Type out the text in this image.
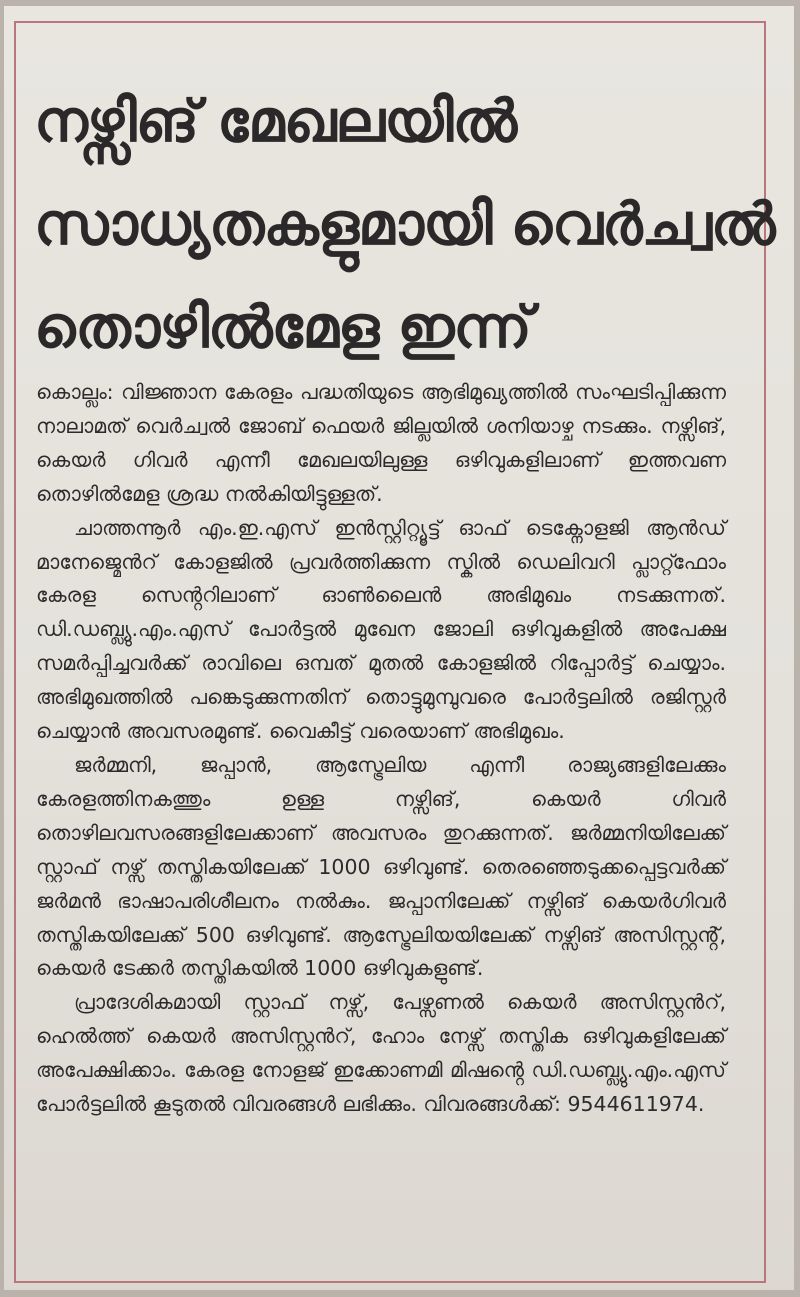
നഴ്സിങ് മേഖലയിൽ
സാധ്യതകളുമായി വെർച്വൽ
തൊഴിൽമേള ഇന്ന്

കൊല്ലം: വിജ്ഞാന കേരളം പദ്ധതിയുടെ ആഭിമുഖ്യത്തിൽ സംഘടിപ്പിക്കുന്ന നാലാമത് വെർച്വൽ ജോബ് ഫെയർ ജില്ലയിൽ ശനിയാഴ്ച നടക്കും. നഴ്സിങ്, കെയർ ഗിവർ എന്നീ മേഖലയിലുള്ള ഒഴിവുകളിലാണ് ഇത്തവണ തൊഴിൽമേള ശ്രദ്ധ നൽകിയിട്ടുള്ളത്.

ചാത്തന്നൂർ എം.ഇ.എസ് ഇൻസ്റ്റിറ്റ്യൂട്ട് ഓഫ് ടെക്നോളജി ആൻഡ് മാനേജ്മെൻറ് കോളജിൽ പ്രവർത്തിക്കുന്ന സ്കിൽ ഡെലിവറി പ്ലാറ്റ്ഫോം കേരള സെൻ്ററിലാണ് ഓൺലൈൻ അഭിമുഖം നടക്കുന്നത്. ഡി.ഡബ്ല്യു.എം.എസ് പോർട്ടൽ മുഖേന ജോലി ഒഴിവുകളിൽ അപേക്ഷ സമർപ്പിച്ചവർക്ക് രാവിലെ ഒമ്പത് മുതൽ കോളജിൽ റിപ്പോർട്ട് ചെയ്യാം. അഭിമുഖത്തിൽ പങ്കെടുക്കുന്നതിന് തൊട്ടുമുമ്പുവരെ പോർട്ടലിൽ രജിസ്റ്റർ ചെയ്യാൻ അവസരമുണ്ട്. വൈകീട്ട് വരെയാണ് അഭിമുഖം.

ജർമ്മനി, ജപ്പാൻ, ആസ്ട്രേലിയ എന്നീ രാജ്യങ്ങളിലേക്കും കേരളത്തിനകത്തും ഉള്ള നഴ്സിങ്, കെയർ ഗിവർ തൊഴിലവസരങ്ങളിലേക്കാണ് അവസരം തുറക്കുന്നത്. ജർമ്മനിയിലേക്ക് സ്റ്റാഫ് നഴ്സ് തസ്തികയിലേക്ക് 1000 ഒഴിവുണ്ട്. തെരഞ്ഞെടുക്കപ്പെട്ടവർക്ക് ജർമൻ ഭാഷാപരിശീലനം നൽകും. ജപ്പാനിലേക്ക് നഴ്സിങ് കെയർഗിവർ തസ്തികയിലേക്ക് 500 ഒഴിവുണ്ട്. ആസ്ട്രേലിയയിലേക്ക് നഴ്സിങ് അസിസ്റ്റൻ്റ്, കെയർ ടേക്കർ തസ്തികയിൽ 1000 ഒഴിവുകളുണ്ട്.

പ്രാദേശികമായി സ്റ്റാഫ് നഴ്സ്, പേഴ്സണൽ കെയർ അസിസ്റ്റൻറ്, ഹെൽത്ത് കെയർ അസിസ്റ്റൻറ്, ഹോം നേഴ്സ് തസ്തിക ഒഴിവുകളിലേക്ക് അപേക്ഷിക്കാം. കേരള നോളജ് ഇക്കോണമി മിഷൻ്റെ ഡി.ഡബ്ല്യു.എം.എസ് പോർട്ടലിൽ കൂടുതൽ വിവരങ്ങൾ ലഭിക്കും. വിവരങ്ങൾക്ക്: 9544611974.
